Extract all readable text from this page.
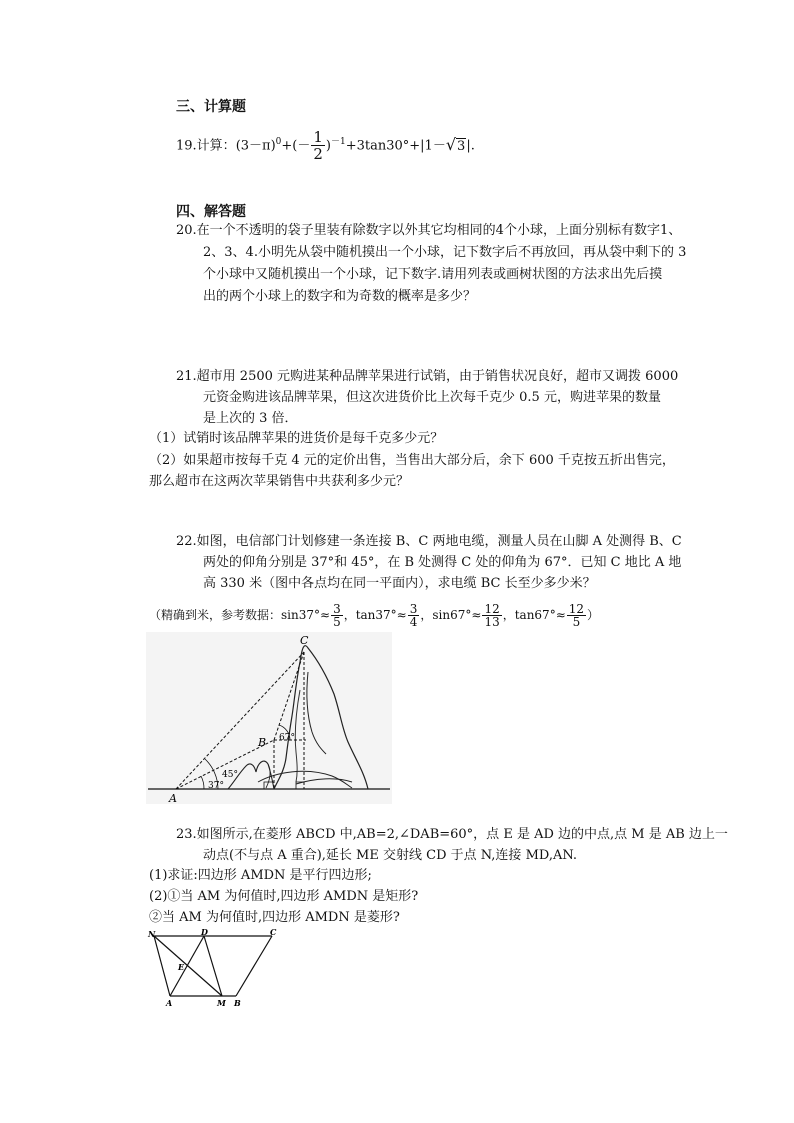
三、计算题
19.计算：$(3-\pi)^0+(- \frac{1}{2} )^{-1}+3\tan 30^\circ+|1-√3|$.
四、解答题
20.在一个不透明的袋子里装有除数字以外其它均相同的4个小球，上面分别标有数字1、
2、3、4.小明先从袋中随机摸出一个小球，记下数字后不再放回，再从袋中剩下的 3
个小球中又随机摸出一个小球，记下数字.请用列表或画树状图的方法求出先后摸
出的两个小球上的数字和为奇数的概率是多少？
21.超市用 2500 元购进某种品牌苹果进行试销，由于销售状况良好，超市又调拨 6000
元资金购进该品牌苹果，但这次进货价比上次每千克少 0.5 元，购进苹果的数量
是上次的 3 倍．
（1）试销时该品牌苹果的进货价是每千克多少元？
（2）如果超市按每千克 4 元的定价出售，当售出大部分后，余下 600 千克按五折出售完，
那么超市在这两次苹果销售中共获利多少元？
22.如图，电信部门计划修建一条连接 B、C 两地电缆，测量人员在山脚 A 处测得 B、C
两处的仰角分别是 37°和 45°，在 B 处测得 C 处的仰角为 67°．已知 C 地比 A 地
高 330 米（图中各点均在同一平面内），求电缆 BC 长至少多少米？
（精确到米，参考数据：$\sin 37^\circ\approx \frac{3}{5}$ ，$\tan 37^\circ\approx \frac{3}{4}$ ，$\sin 67^\circ\approx \frac{12}{13}$ ，$\tan 67^\circ\approx \frac{12}{5}$ ）
C
B
A
67°
45°
37°
23.如图所示,在菱形 ABCD 中,AB=2,∠DAB=60°，点 E 是 AD 边的中点,点 M 是 AB 边上一
动点(不与点 A 重合),延长 ME 交射线 CD 于点 N,连接 MD,AN.
(1)求证:四边形 AMDN 是平行四边形;
(2)①当 AM 为何值时,四边形 AMDN 是矩形?
②当 AM 为何值时,四边形 AMDN 是菱形?
N	D	C
E
A	M B
